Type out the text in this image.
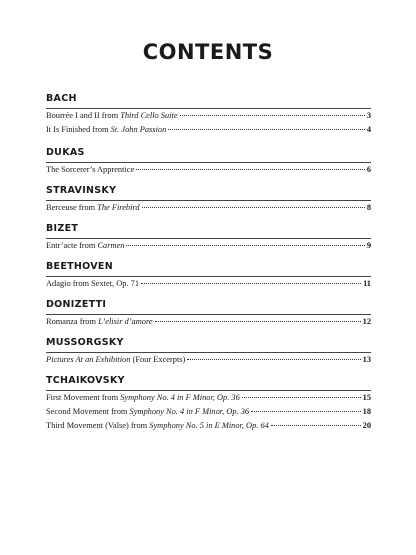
CONTENTS
BACH
Bourrée I and II from Third Cello Suite	3
It Is Finished from St. John Passion	4
DUKAS
The Sorcerer’s Apprentice	6
STRAVINSKY
Berceuse from The Firebird	8
BIZET
Entr’acte from Carmen	9
BEETHOVEN
Adagio from Sextet, Op. 71	11
DONIZETTI
Romanza from L’elisir d’amore	12
MUSSORGSKY
Pictures At an Exhibition (Four Excerpts)	13
TCHAIKOVSKY
First Movement from Symphony No. 4 in F Minor, Op. 36	15
Second Movement from Symphony No. 4 in F Minor, Op. 36	18
Third Movement (Valse) from Symphony No. 5 in E Minor, Op. 64	20
